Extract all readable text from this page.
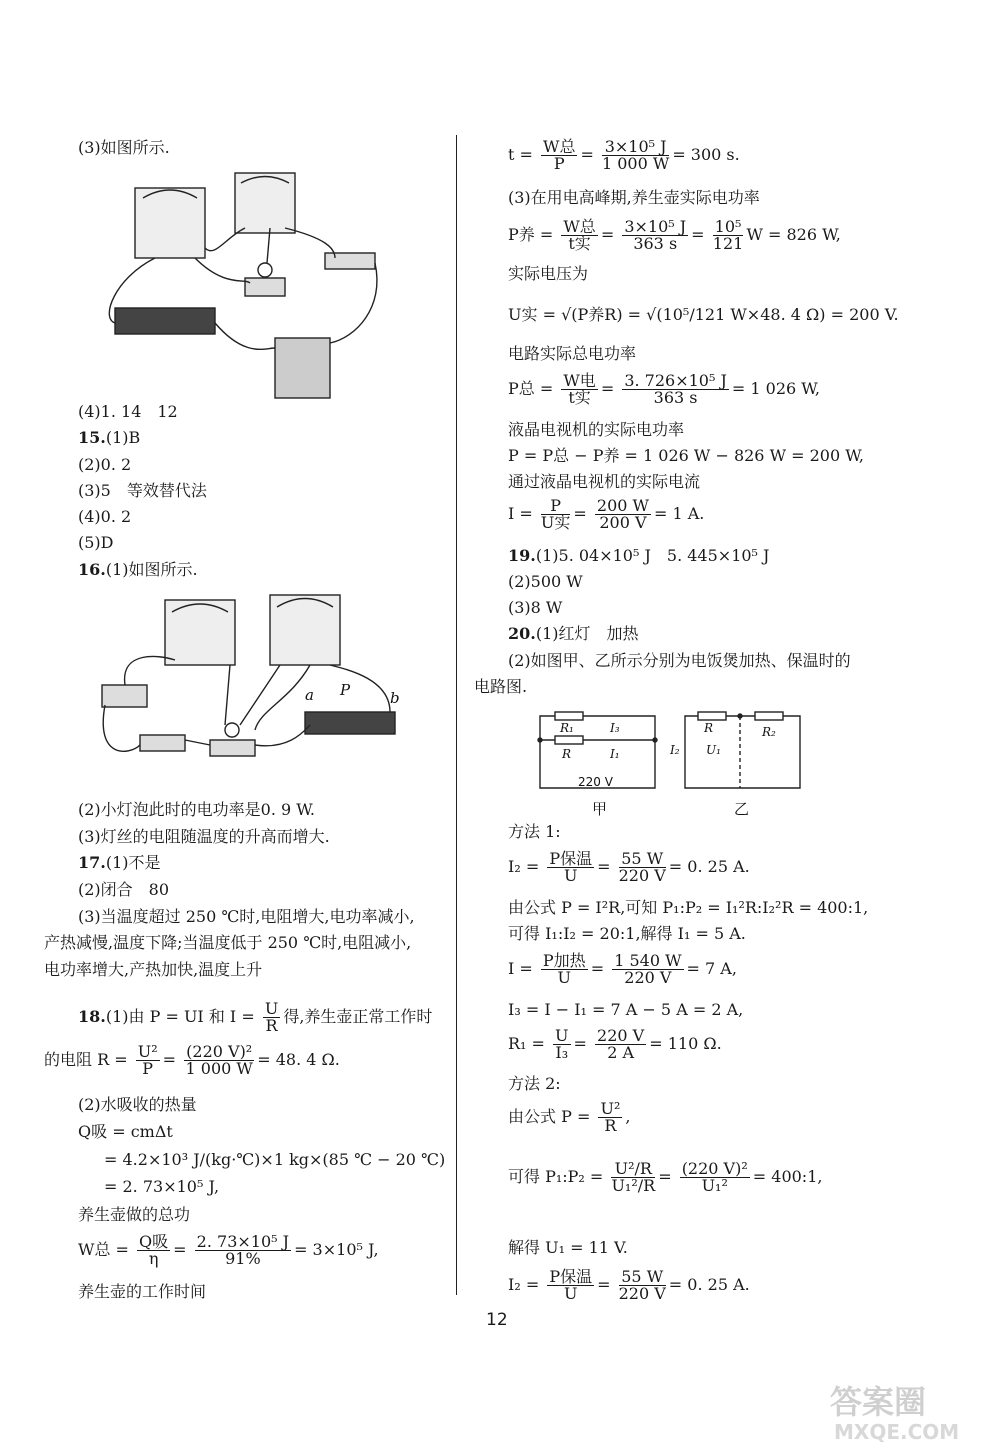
(3)如图所示.
(4)1. 14　12
15.(1)B
(2)0. 2
(3)5　等效替代法
(4)0. 2
(5)D
16.(1)如图所示.
a P	b
(2)小灯泡此时的电功率是0. 9 W.
(3)灯丝的电阻随温度的升高而增大.
17.(1)不是
(2)闭合　80
(3)当温度超过 250 ℃时,电阻增大,电功率减小,
产热减慢,温度下降;当温度低于 250 ℃时,电阻减小,
电功率增大,产热加快,温度上升
18.(1)由 P = UI 和 $I = \frac{U}{R}$ 得,养生壶正常工作时
的电阻 $R = \frac{\text{U²}}{P} = \frac{\text{(220 V)²}}{1 000 W} = 48$. 4 Ω.
(2)水吸收的热量
Q吸 = cmΔt
= 4.2×10³ J/(kg·℃)×1 kg×(85 ℃ − 20 ℃)
= 2. 73×10⁵ J,
养生壶做的总功
W总 = $\frac{\text{Q吸}}{\eta} = \frac{\text{2. 73×10⁵ J}}{91\%} = 3\times 10^5$ J,
养生壶的工作时间
$t = \frac{\text{W总}}{P} = \frac{\text{3×10⁵ J}}{1 000 W} = 300$ s.
(3)在用电高峰期,养生壶实际电功率
P养 = $\frac{\text{W总}}{\text{t实}} = \frac{\text{3×10⁵ J}}{363 s} = \frac{\text{10⁵}}{121}$ W = 826 W,
实际电压为
U实 = √(P养R) = √(10⁵/121 W×48. 4 Ω) = 200 V.
电路实际总电功率
P总 = $\frac{\text{W电}}{\text{t实}} = \frac{\text{3. 726×10⁵ J}}{363 s} = 1$ 026 W,
液晶电视机的实际电功率
P = P总 − P养 = 1 026 W − 826 W = 200 W,
通过液晶电视机的实际电流
$I = \frac{P}{\text{U实}} = \frac{200 W}{200 V} = 1$ A.
19.(1)5. 04×10⁵ J　5. 445×10⁵ J
(2)500 W
(3)8 W
20.(1)红灯　加热
(2)如图甲、乙所示分别为电饭煲加热、保温时的
电路图.
R₁	I₃
R	I₁
R	R₂
I₂ U₁
220 V
甲	乙
方法 1:
$I_2 = \frac{\text{P保温}}{U} = \frac{55 W}{220 V} = 0$. 25 A.
由公式 P = I²R,可知 P₁:P₂ = I₁²R:I₂²R = 400:1,
可得 I₁:I₂ = 20:1,解得 I₁ = 5 A.
$I = \frac{\text{P加热}}{U} = \frac{1 540 W}{220 V} = 7$ A,
I₃ = I − I₁ = 7 A − 5 A = 2 A,
$R_1 = \frac{U}{\text{I₃}} = \frac{220 V}{2 A} = 110$ Ω.
方法 2:
由公式 $P = \frac{\text{U²}}{R}$ ,
可得 P₁:P₂ = $\frac{\text{U²/R}}{\text{U₁²/R}} = \frac{\text{(220 V)²}}{\text{U₁²}}$ = 400:1,
解得 U₁ = 11 V.
$I_2 = \frac{\text{P保温}}{U} = \frac{55 W}{220 V} = 0$. 25 A.
12
答案圈
MXQE.COM
